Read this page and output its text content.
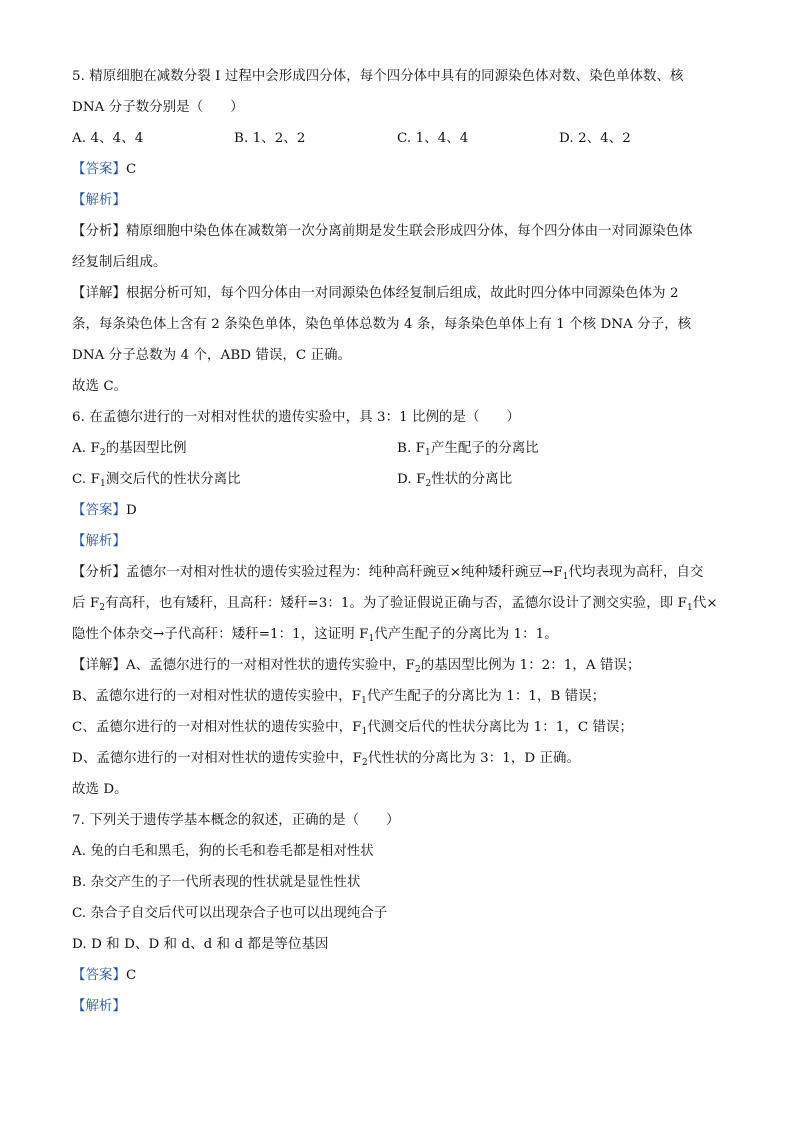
5. 精原细胞在减数分裂 I 过程中会形成四分体，每个四分体中具有的同源染色体对数、染色单体数、核
DNA 分子数分别是（　　）
A. 4、4、4	B. 1、2、2	C. 1、4、4	D. 2、4、2
【答案】C
【解析】
【分析】精原细胞中染色体在减数第一次分离前期是发生联会形成四分体，每个四分体由一对同源染色体
经复制后组成。
【详解】根据分析可知，每个四分体由一对同源染色体经复制后组成，故此时四分体中同源染色体为 2
条，每条染色体上含有 2 条染色单体，染色单体总数为 4 条，每条染色单体上有 1 个核 DNA 分子，核
DNA 分子总数为 4 个，ABD 错误，C 正确。
故选 C。
6. 在孟德尔进行的一对相对性状的遗传实验中，具 3：1 比例的是（　　）
A. $F_2$的基因型比例	B. $F_1$产生配子的分离比
C. $F_1$测交后代的性状分离比	D. $F_2$性状的分离比
【答案】D
【解析】
【分析】孟德尔一对相对性状的遗传实验过程为：纯种高秆豌豆×纯种矮秆豌豆$\to F_1$代均表现为高秆，自交
后 $F_2$有高秆，也有矮秆，且高秆：矮秆=3：1。为了验证假说正确与否，孟德尔设计了测交实验，即 $F_1$代×
隐性个体杂交→子代高秆：矮秆=1：1，这证明 $F_1$代产生配子的分离比为 1：1。
【详解】A、孟德尔进行的一对相对性状的遗传实验中，$F_2$的基因型比例为 1：2：1，A 错误；
B、孟德尔进行的一对相对性状的遗传实验中，$F_1$代产生配子的分离比为 1：1，B 错误；
C、孟德尔进行的一对相对性状的遗传实验中，$F_1$代测交后代的性状分离比为 1：1，C 错误；
D、孟德尔进行的一对相对性状的遗传实验中，$F_2$代性状的分离比为 3：1，D 正确。
故选 D。
7. 下列关于遗传学基本概念的叙述，正确的是（　　）
A. 兔的白毛和黑毛，狗的长毛和卷毛都是相对性状
B. 杂交产生的子一代所表现的性状就是显性性状
C. 杂合子自交后代可以出现杂合子也可以出现纯合子
D. D 和 D、D 和 d、d 和 d 都是等位基因
【答案】C
【解析】
